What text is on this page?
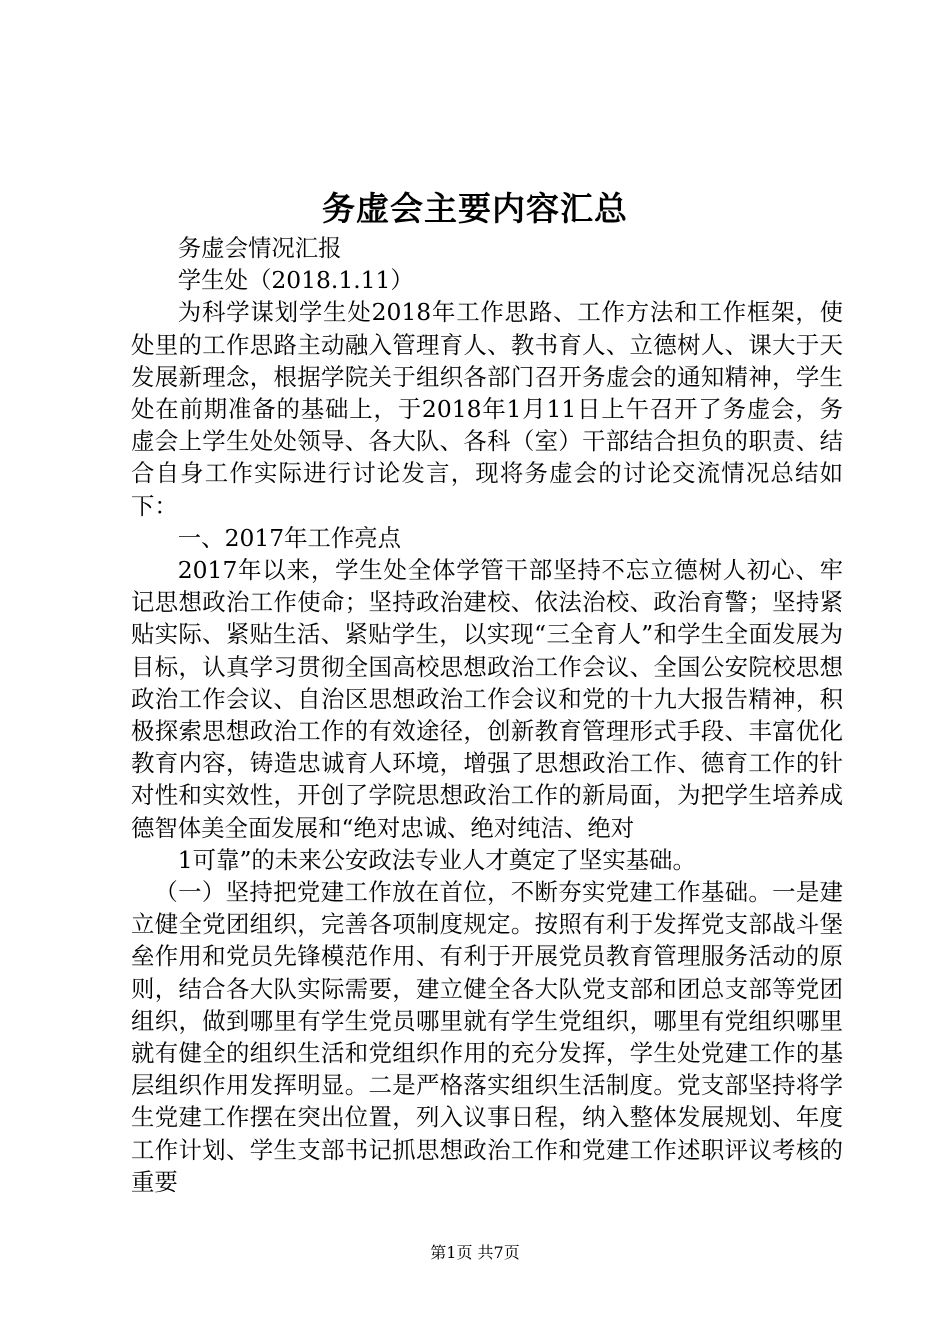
务虚会主要内容汇总

务虚会情况汇报

学生处（2018.1.11）

为科学谋划学生处2018年工作思路、工作方法和工作框架，使处里的工作思路主动融入管理育人、教书育人、立德树人、课大于天发展新理念，根据学院关于组织各部门召开务虚会的通知精神，学生处在前期准备的基础上，于2018年1月11日上午召开了务虚会，务虚会上学生处处领导、各大队、各科（室）干部结合担负的职责、结合自身工作实际进行讨论发言，现将务虚会的讨论交流情况总结如下：

一、2017年工作亮点

2017年以来，学生处全体学管干部坚持不忘立德树人初心、牢记思想政治工作使命；坚持政治建校、依法治校、政治育警；坚持紧贴实际、紧贴生活、紧贴学生，以实现“三全育人”和学生全面发展为目标，认真学习贯彻全国高校思想政治工作会议、全国公安院校思想政治工作会议、自治区思想政治工作会议和党的十九大报告精神，积极探索思想政治工作的有效途径，创新教育管理形式手段、丰富优化教育内容，铸造忠诚育人环境，增强了思想政治工作、德育工作的针对性和实效性，开创了学院思想政治工作的新局面，为把学生培养成德智体美全面发展和“绝对忠诚、绝对纯洁、绝对

1可靠”的未来公安政法专业人才奠定了坚实基础。

（一）坚持把党建工作放在首位，不断夯实党建工作基础。一是建立健全党团组织，完善各项制度规定。按照有利于发挥党支部战斗堡垒作用和党员先锋模范作用、有利于开展党员教育管理服务活动的原则，结合各大队实际需要，建立健全各大队党支部和团总支部等党团组织，做到哪里有学生党员哪里就有学生党组织，哪里有党组织哪里就有健全的组织生活和党组织作用的充分发挥，学生处党建工作的基层组织作用发挥明显。二是严格落实组织生活制度。党支部坚持将学生党建工作摆在突出位置，列入议事日程，纳入整体发展规划、年度工作计划、学生支部书记抓思想政治工作和党建工作述职评议考核的重要

第1页 共7页
